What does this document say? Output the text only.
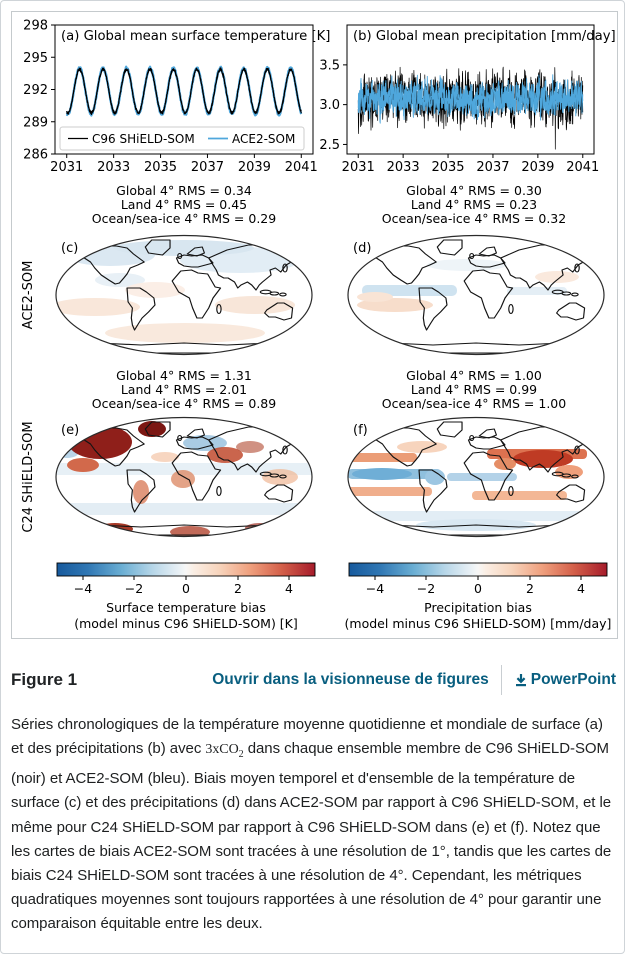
286
289
292
295
298
2031 2033 2035 2037 2039 2041
(a) Global mean surface temperature [K]
C96 SHiELD-SOM	ACE2-SOM 2.5
3.0
3.5
2031 2033 2035 2037 2039 2041
(b) Global mean precipitation [mm/day]
Global 4° RMS = 0.34
Land 4° RMS = 0.45
Ocean/sea-ice 4° RMS = 0.29
Global 4° RMS = 0.30
Land 4° RMS = 0.23
Ocean/sea-ice 4° RMS = 0.32
(c)	(d)
ACE2-SOM
Global 4° RMS = 1.31
Land 4° RMS = 2.01
Ocean/sea-ice 4° RMS = 0.89
Global 4° RMS = 1.00
Land 4° RMS = 0.99
Ocean/sea-ice 4° RMS = 1.00
(e)	(f)
C24 SHiELD-SOM
−4	−2	0	2	4
Surface temperature bias
(model minus C96 SHiELD-SOM) [K]
−4	−2	0	2	4
Precipitation bias
(model minus C96 SHiELD-SOM) [mm/day]
Figure 1	Ouvrir dans la visionneuse de figures	PowerPoint
Séries chronologiques de la température moyenne quotidienne et mondiale de surface (a) et des précipitations (b) avec 3xCO$_2$ dans chaque ensemble membre de C96 SHiELD-SOM (noir) et ACE2-SOM (bleu). Biais moyen temporel et d'ensemble de la température de surface (c) et des précipitations (d) dans ACE2-SOM par rapport à C96 SHiELD-SOM, et le même pour C24 SHiELD-SOM par rapport à C96 SHiELD-SOM dans (e) et (f). Notez que les cartes de biais ACE2-SOM sont tracées à une résolution de 1°, tandis que les cartes de biais C24 SHiELD-SOM sont tracées à une résolution de 4°. Cependant, les métriques quadratiques moyennes sont toujours rapportées à une résolution de 4° pour garantir une comparaison équitable entre les deux.
